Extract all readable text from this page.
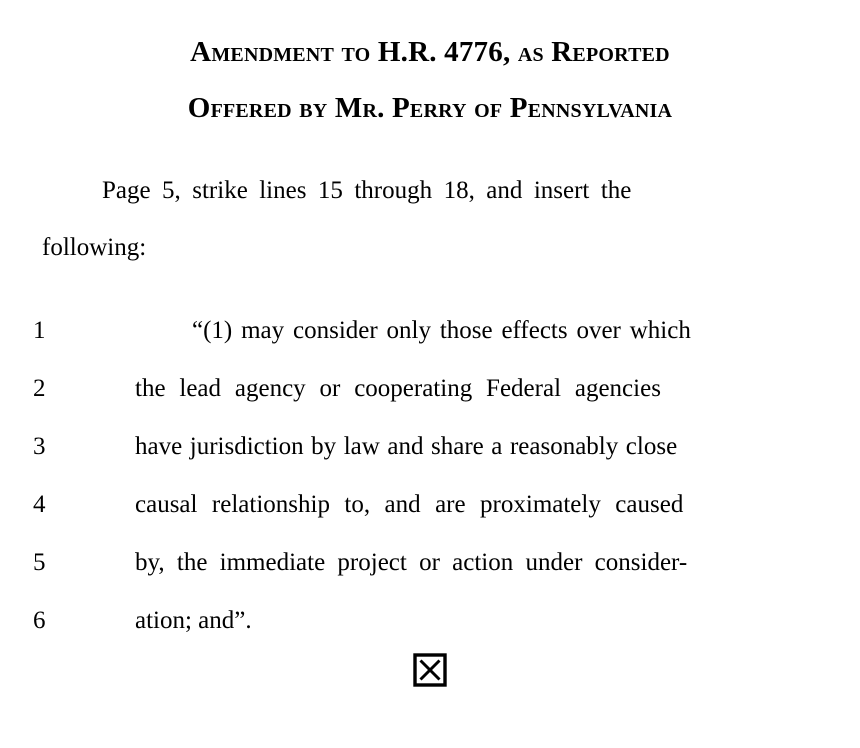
Amendment to H.R. 4776, as Reported
Offered by Mr. Perry of Pennsylvania
Page 5, strike lines 15 through 18, and insert the
following:
1	“(1) may consider only those effects over which
2	the lead agency or cooperating Federal agencies
3	have jurisdiction by law and share a reasonably close
4	causal relationship to, and are proximately caused
5	by, the immediate project or action under consider-
6	ation; and”.
